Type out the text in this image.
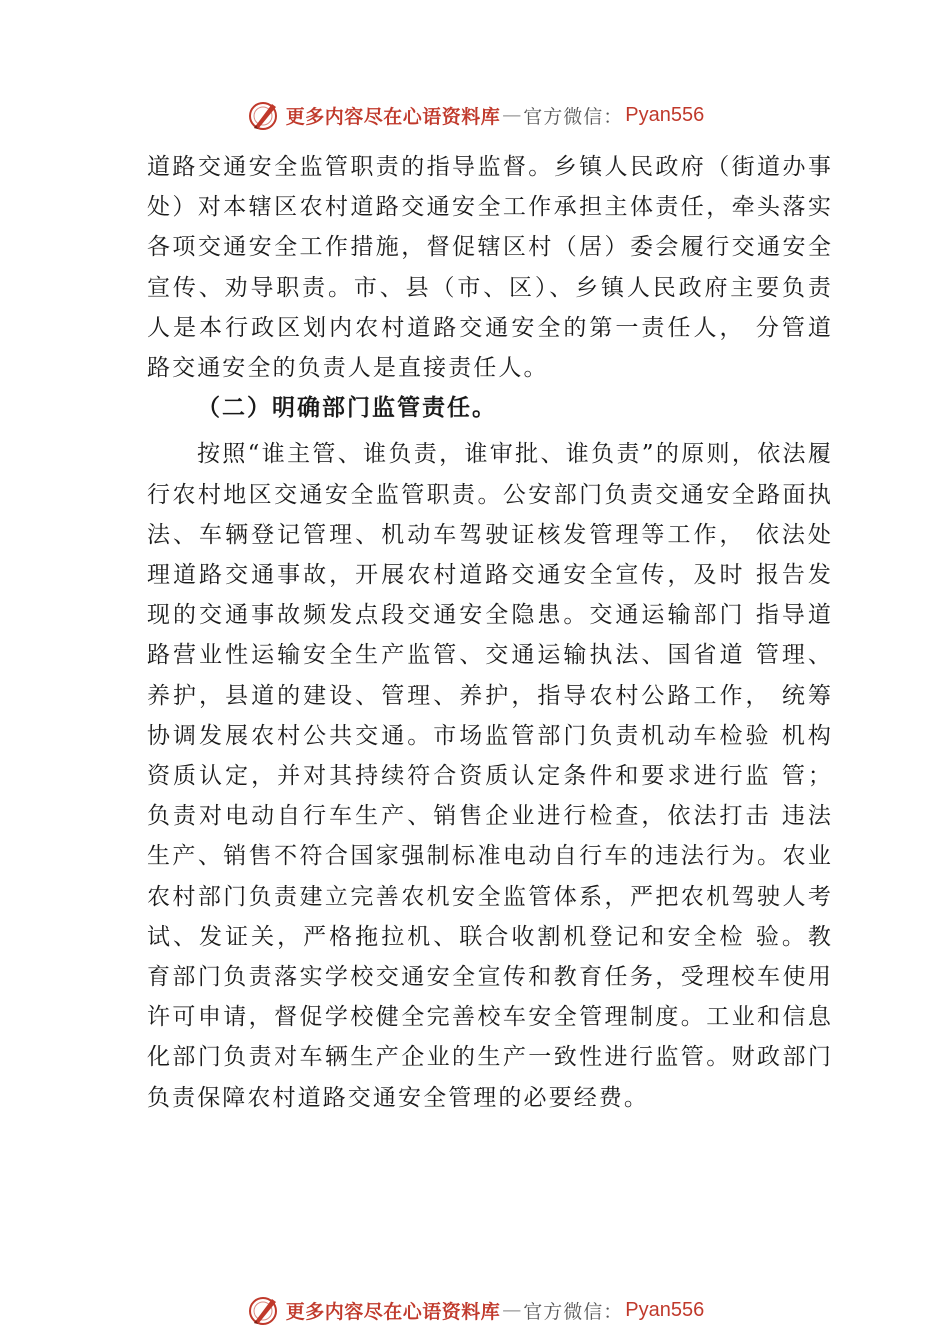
更多内容尽在心语资料库 — 官方微信： Pyan556

道路交通安全监管职责的指导监督。乡镇人民政府（街道办事处）对本辖区农村道路交通安全工作承担主体责任，牵头落实各项交通安全工作措施，督促辖区村（居）委会履行交通安全宣传、劝导职责。市、县（市、区）、乡镇人民政府主要负责人是本行政区划内农村道路交通安全的第一责任人， 分管道路交通安全的负责人是直接责任人。

（二）明确部门监管责任。

按照“谁主管、谁负责，谁审批、谁负责”的原则，依法履行农村地区交通安全监管职责。公安部门负责交通安全路面执法、车辆登记管理、机动车驾驶证核发管理等工作， 依法处理道路交通事故，开展农村道路交通安全宣传，及时 报告发现的交通事故频发点段交通安全隐患。交通运输部门 指导道路营业性运输安全生产监管、交通运输执法、国省道 管理、养护，县道的建设、管理、养护，指导农村公路工作， 统筹协调发展农村公共交通。市场监管部门负责机动车检验 机构资质认定，并对其持续符合资质认定条件和要求进行监 管；负责对电动自行车生产、销售企业进行检查，依法打击 违法生产、销售不符合国家强制标准电动自行车的违法行为。农业农村部门负责建立完善农机安全监管体系，严把农机驾驶人考试、发证关，严格拖拉机、联合收割机登记和安全检 验。教育部门负责落实学校交通安全宣传和教育任务，受理校车使用许可申请，督促学校健全完善校车安全管理制度。工业和信息化部门负责对车辆生产企业的生产一致性进行监管。财政部门负责保障农村道路交通安全管理的必要经费。

更多内容尽在心语资料库 — 官方微信： Pyan556
